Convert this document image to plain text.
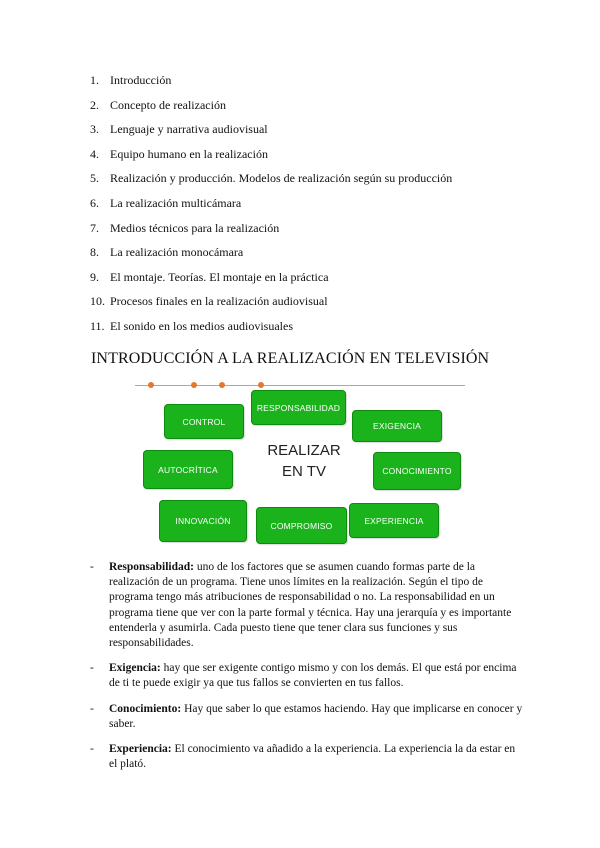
1. Introducción
2. Concepto de realización
3. Lenguaje y narrativa audiovisual
4. Equipo humano en la realización
5. Realización y producción. Modelos de realización según su producción
6. La realización multicámara
7. Medios técnicos para la realización
8. La realización monocámara
9. El montaje. Teorías. El montaje en la práctica
10. Procesos finales en la realización audiovisual
11. El sonido en los medios audiovisuales
INTRODUCCIÓN A LA REALIZACIÓN EN TELEVISIÓN
CONTROL
RESPONSABILIDAD
EXIGENCIA
AUTOCRÍTICA	CONOCIMIENTO
INNOVACIÓN	COMPROMISO	EXPERIENCIA
REALIZAR
EN TV
- Responsabilidad: uno de los factores que se asumen cuando formas parte de la realización de un programa. Tiene unos límites en la realización. Según el tipo de programa tengo más atribuciones de responsabilidad o no. La responsabilidad en un programa tiene que ver con la parte formal y técnica. Hay una jerarquía y es importante entenderla y asumirla. Cada puesto tiene que tener clara sus funciones y sus responsabilidades.
- Exigencia: hay que ser exigente contigo mismo y con los demás. El que está por encima de ti te puede exigir ya que tus fallos se convierten en tus fallos.
- Conocimiento: Hay que saber lo que estamos haciendo. Hay que implicarse en conocer y saber.
- Experiencia: El conocimiento va añadido a la experiencia. La experiencia la da estar en el plató.
